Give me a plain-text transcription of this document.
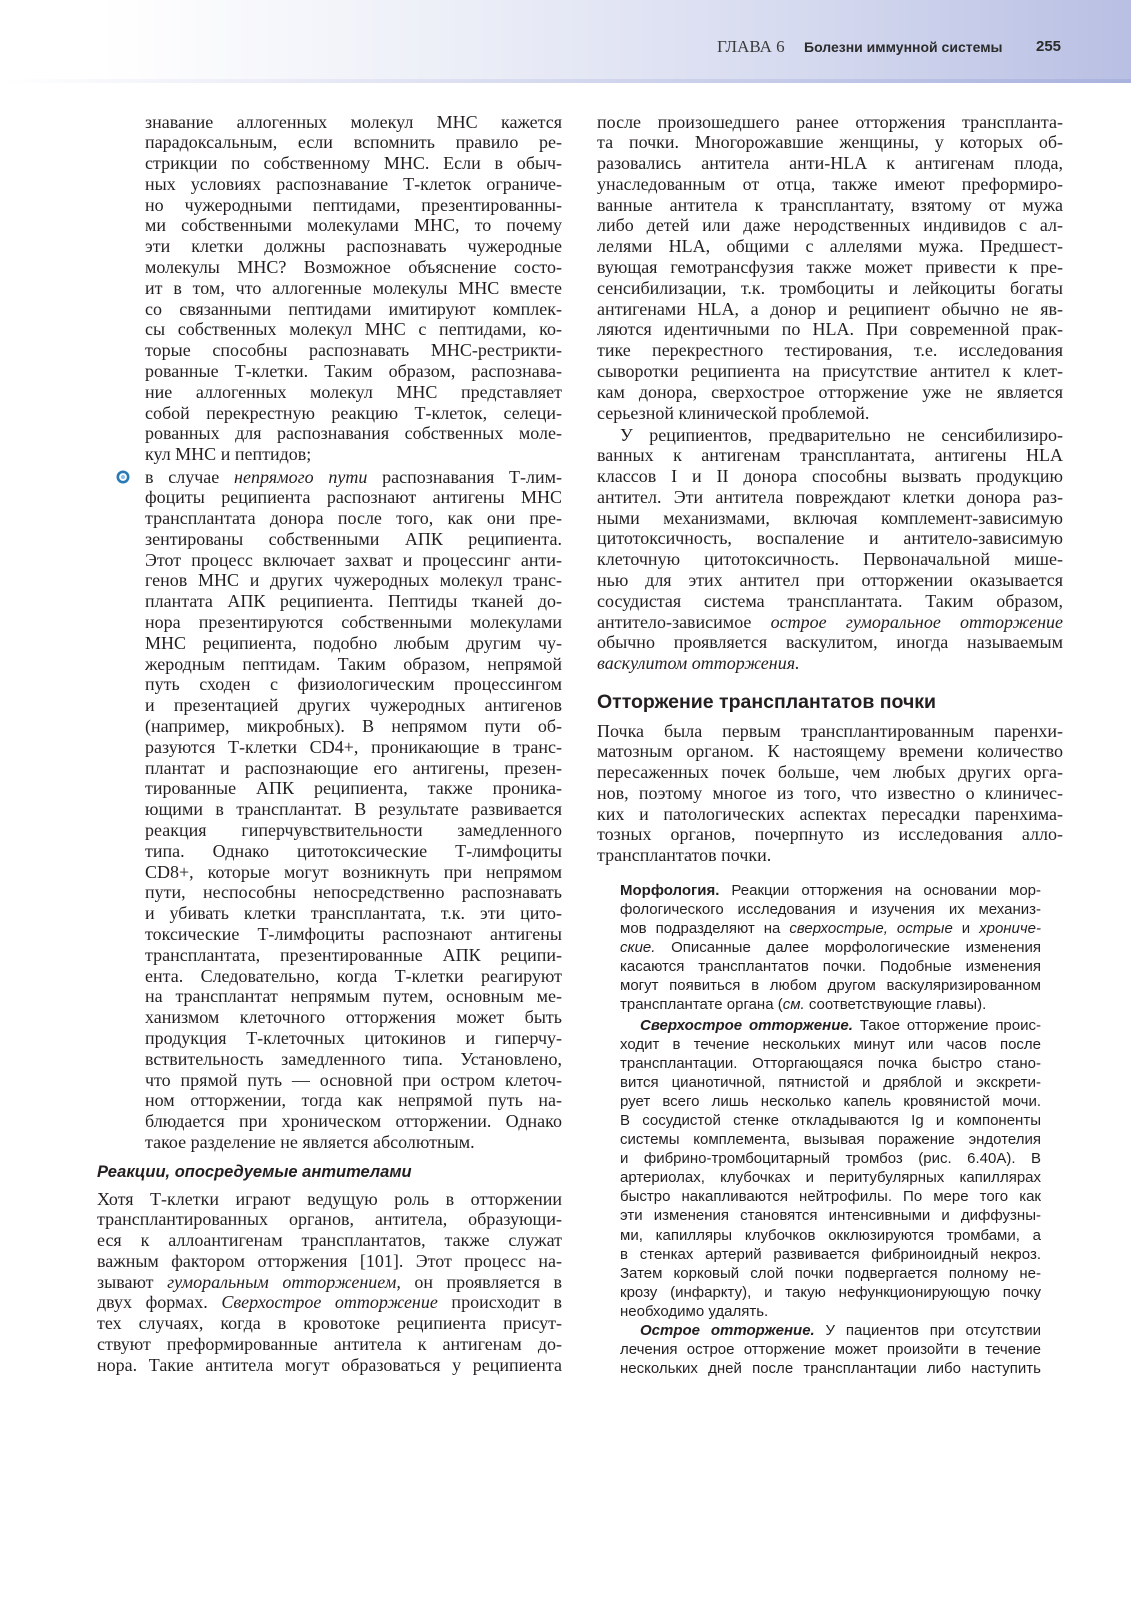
ГЛАВА 6 Болезни иммунной системы 255
знавание аллогенных молекул MHC кажется
парадоксальным, если вспомнить правило ре-
стрикции по собственному MHC. Если в обыч-
ных условиях распознавание Т-клеток ограниче-
но чужеродными пептидами, презентированны-
ми собственными молекулами MHC, то почему
эти клетки должны распознавать чужеродные
молекулы MHC? Возможное объяснение состо-
ит в том, что аллогенные молекулы MHC вместе
со связанными пептидами имитируют комплек-
сы собственных молекул MHC с пептидами, ко-
торые способны распознавать MHC-рестрикти-
рованные Т-клетки. Таким образом, распознава-
ние аллогенных молекул MHC представляет
собой перекрестную реакцию Т-клеток, селеци-
рованных для распознавания собственных моле-
кул MHC и пептидов;
в случае непрямого пути распознавания Т-лим-
фоциты реципиента распознают антигены MHC
трансплантата донора после того, как они пре-
зентированы собственными АПК реципиента.
Этот процесс включает захват и процессинг анти-
генов MHC и других чужеродных молекул транс-
плантата АПК реципиента. Пептиды тканей до-
нора презентируются собственными молекулами
MHC реципиента, подобно любым другим чу-
жеродным пептидам. Таким образом, непрямой
путь сходен с физиологическим процессингом
и презентацией других чужеродных антигенов
(например, микробных). В непрямом пути об-
разуются Т-клетки CD4+, проникающие в транс-
плантат и распознающие его антигены, презен-
тированные АПК реципиента, также проника-
ющими в трансплантат. В результате развивается
реакция гиперчувствительности замедленного
типа. Однако цитотоксические Т-лимфоциты
CD8+, которые могут возникнуть при непрямом
пути, неспособны непосредственно распознавать
и убивать клетки трансплантата, т.к. эти цито-
токсические Т-лимфоциты распознают антигены
трансплантата, презентированные АПК реципи-
ента. Следовательно, когда Т-клетки реагируют
на трансплантат непрямым путем, основным ме-
ханизмом клеточного отторжения может быть
продукция Т-клеточных цитокинов и гиперчу-
вствительность замедленного типа. Установлено,
что прямой путь — основной при остром клеточ-
ном отторжении, тогда как непрямой путь на-
блюдается при хроническом отторжении. Однако
такое разделение не является абсолютным.
Реакции, опосредуемые антителами
Хотя Т-клетки играют ведущую роль в отторжении
трансплантированных органов, антитела, образующи-
еся к аллоантигенам трансплантатов, также служат
важным фактором отторжения [101]. Этот процесс на-
зывают гуморальным отторжением, он проявляется в
двух формах. Сверхострое отторжение происходит в
тех случаях, когда в кровотоке реципиента присут-
ствуют преформированные антитела к антигенам до-
нора. Такие антитела могут образоваться у реципиента
после произошедшего ранее отторжения транспланта-
та почки. Многорожавшие женщины, у которых об-
разовались антитела анти-HLA к антигенам плода,
унаследованным от отца, также имеют преформиро-
ванные антитела к трансплантату, взятому от мужа
либо детей или даже неродственных индивидов с ал-
лелями HLA, общими с аллелями мужа. Предшест-
вующая гемотрансфузия также может привести к пре-
сенсибилизации, т.к. тромбоциты и лейкоциты богаты
антигенами HLA, а донор и реципиент обычно не яв-
ляются идентичными по HLA. При современной прак-
тике перекрестного тестирования, т.е. исследования
сыворотки реципиента на присутствие антител к клет-
кам донора, сверхострое отторжение уже не является
серьезной клинической проблемой.
У реципиентов, предварительно не сенсибилизиро-
ванных к антигенам трансплантата, антигены HLA
классов I и II донора способны вызвать продукцию
антител. Эти антитела повреждают клетки донора раз-
ными механизмами, включая комплемент-зависимую
цитотоксичность, воспаление и антитело-зависимую
клеточную цитотоксичность. Первоначальной мише-
нью для этих антител при отторжении оказывается
сосудистая система трансплантата. Таким образом,
антитело-зависимое острое гуморальное отторжение
обычно проявляется васкулитом, иногда называемым
васкулитом отторжения.
Отторжение трансплантатов почки
Почка была первым трансплантированным паренхи-
матозным органом. К настоящему времени количество
пересаженных почек больше, чем любых других орга-
нов, поэтому многое из того, что известно о клиничес-
ких и патологических аспектах пересадки паренхима-
тозных органов, почерпнуто из исследования алло-
трансплантатов почки.
Морфология. Реакции отторжения на основании мор-
фологического исследования и изучения их механиз-
мов подразделяют на сверхострые, острые и хрониче-
ские. Описанные далее морфологические изменения
касаются трансплантатов почки. Подобные изменения
могут появиться в любом другом васкуляризированном
трансплантате органа (см. соответствующие главы).
Сверхострое отторжение. Такое отторжение проис-
ходит в течение нескольких минут или часов после
трансплантации. Отторгающаяся почка быстро стано-
вится цианотичной, пятнистой и дряблой и экскрети-
рует всего лишь несколько капель кровянистой мочи.
В сосудистой стенке откладываются Ig и компоненты
системы комплемента, вызывая поражение эндотелия
и фибрино-тромбоцитарный тромбоз (рис. 6.40А). В
артериолах, клубочках и перитубулярных капиллярах
быстро накапливаются нейтрофилы. По мере того как
эти изменения становятся интенсивными и диффузны-
ми, капилляры клубочков окклюзируются тромбами, а
в стенках артерий развивается фибриноидный некроз.
Затем корковый слой почки подвергается полному не-
крозу (инфаркту), и такую нефункционирующую почку
необходимо удалять.
Острое отторжение. У пациентов при отсутствии
лечения острое отторжение может произойти в течение
нескольких дней после трансплантации либо наступить
